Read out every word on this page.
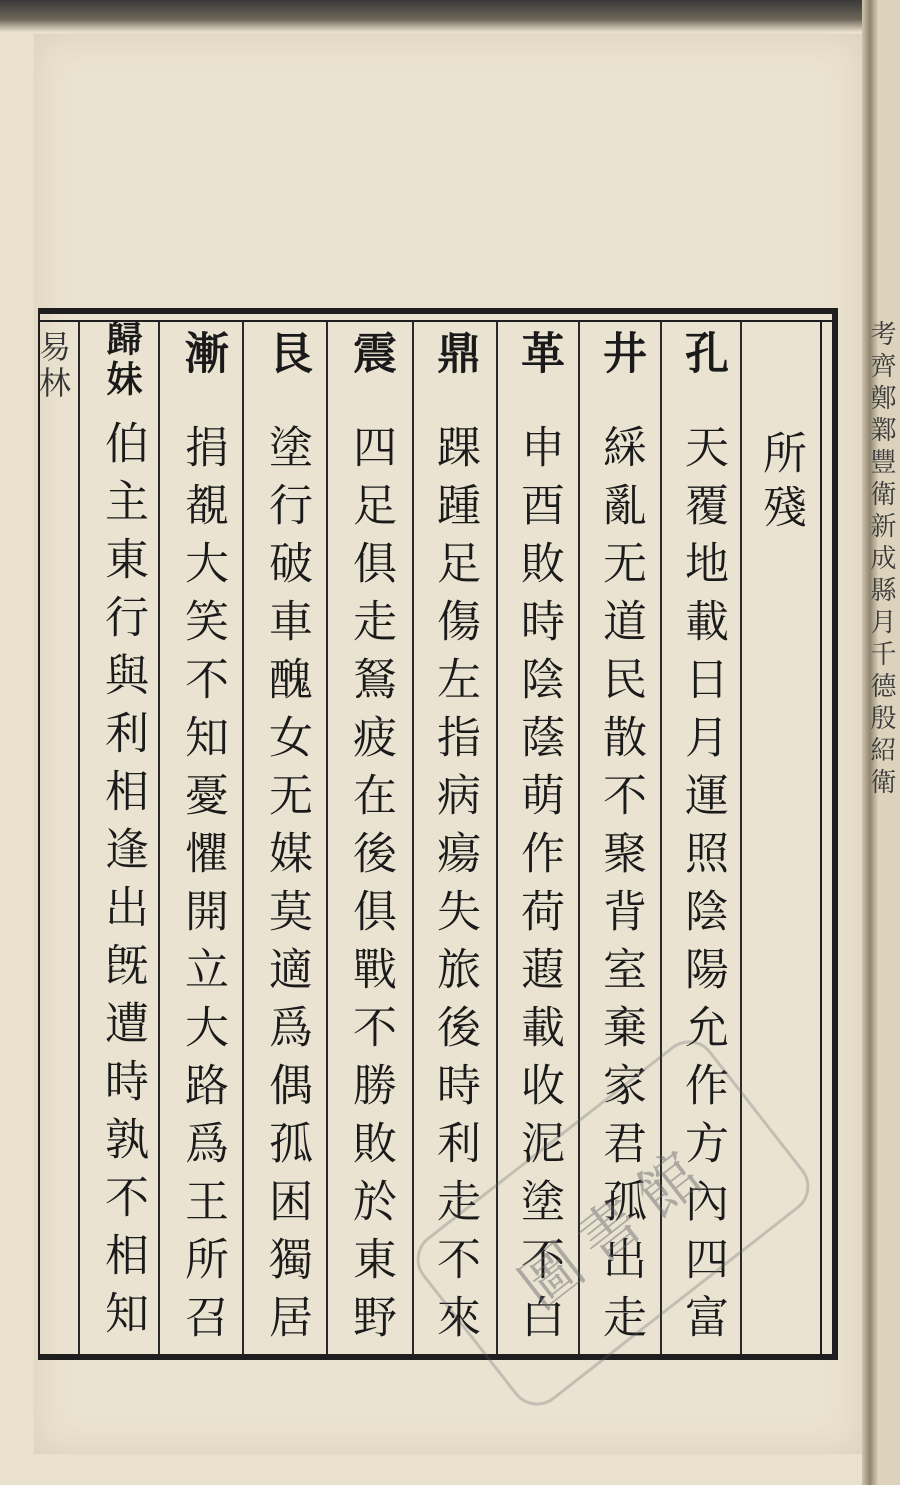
考齊鄭鄴豐衛新成縣月千德殷紹衛
所殘
孔
天覆地載日月運照陰陽允作方內四富
井
綵亂无道民散不聚背室棄家君孤出走
革
申酉敗時陰蔭萌作荷蕸載收泥塗不白
鼎
踝踵足傷左指病瘍失旅後時利走不來
震
四足俱走鴑疲在後俱戰不勝敗於東野
艮
塗行破車醜女无媒莫適爲偶孤困獨居
漸
捐覩大笑不知憂懼開立大路爲王所召
歸妹
伯主東行與利相逢出旣遭時孰不相知
易林
圖書館
